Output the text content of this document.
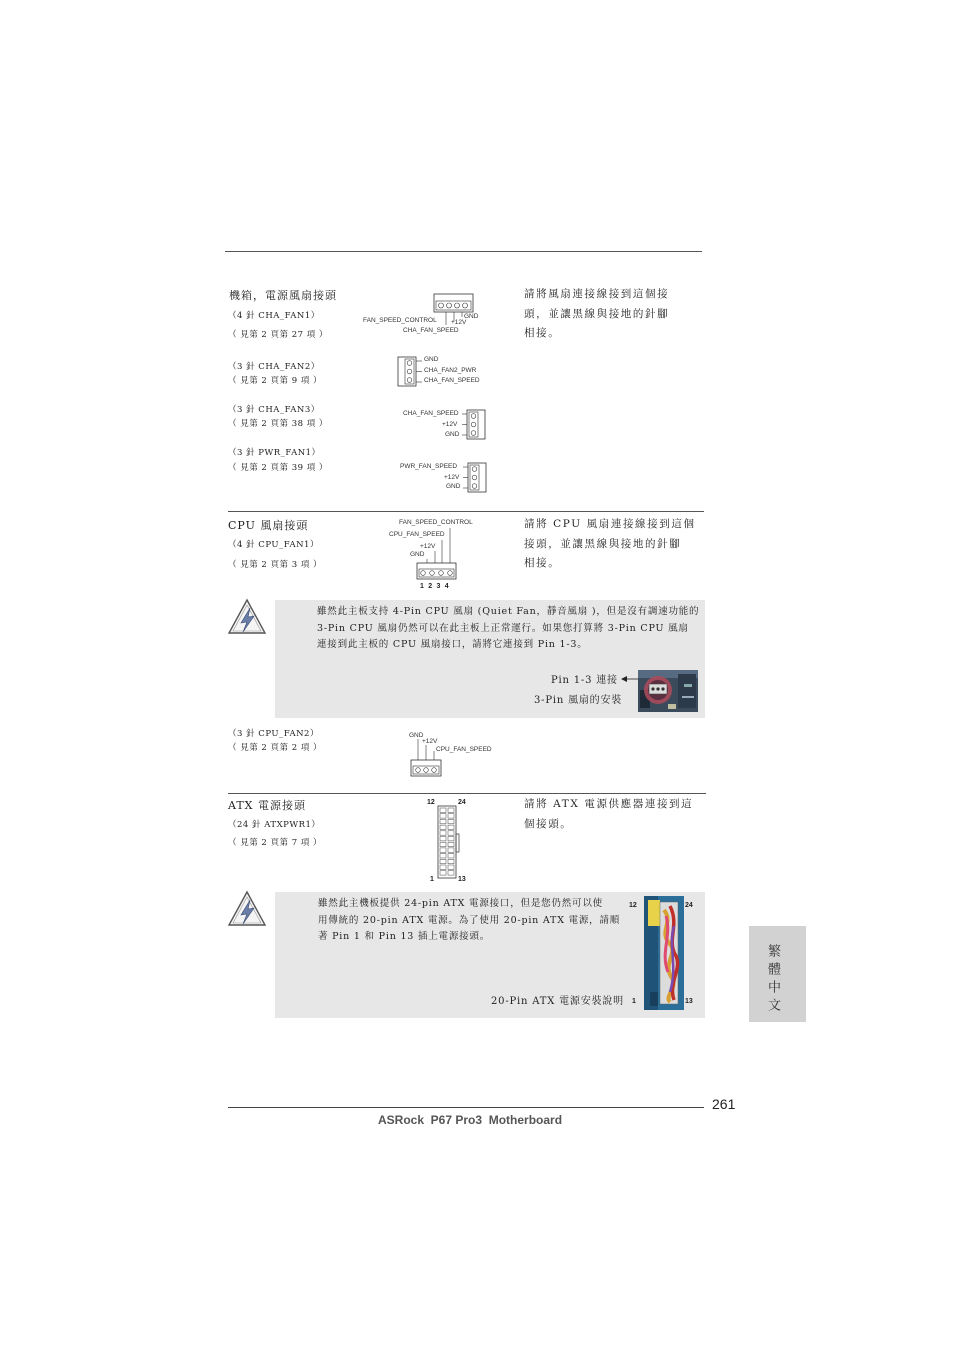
機箱，電源風扇接頭
（4 針 CHA_FAN1）
（ 見第 2 頁第 27 項 ）
（3 針 CHA_FAN2）
（ 見第 2 頁第 9 項 ）
（3 針 CHA_FAN3）
（ 見第 2 頁第 38 項 ）
（3 針 PWR_FAN1）
（ 見第 2 頁第 39 項 ）
請將風扇連接線接到這個接
頭，並讓黑線與接地的針腳
相接。
FAN_SPEED_CONTROL +12V
GND
CHA_FAN_SPEED
GND
CHA_FAN2_PWR
CHA_FAN_SPEED
CHA_FAN_SPEED
+12V
GND
PWR_FAN_SPEED
+12V
GND
CPU 風扇接頭
（4 針 CPU_FAN1）
（ 見第 2 頁第 3 項 ）
請將 CPU 風扇連接線接到這個
接頭，並讓黑線與接地的針腳
相接。
FAN_SPEED_CONTROL
CPU_FAN_SPEED
+12V
GND
1 2 3 4
雖然此主板支持 4-Pin CPU 風扇 (Quiet Fan，靜音風扇 )，但是沒有調速功能的
3-Pin CPU 風扇仍然可以在此主板上正常運行。如果您打算將 3-Pin CPU 風扇
連接到此主板的 CPU 風扇接口，請將它連接到 Pin 1-3。
Pin 1-3 連接
3-Pin 風扇的安裝
（3 針 CPU_FAN2）
（ 見第 2 頁第 2 項 ）
GND
+12V
CPU_FAN_SPEED
ATX 電源接頭
（24 針 ATXPWR1）
（ 見第 2 頁第 7 項 ）
請將 ATX 電源供應器連接到這
個接頭。
12	24
1	13
雖然此主機板提供 24-pin ATX 電源接口，但是您仍然可以使
用傳統的 20-pin ATX 電源。為了使用 20-pin ATX 電源，請順
著 Pin 1 和 Pin 13 插上電源接頭。
20-Pin ATX 電源安裝說明
12	24
1	13	繁體中文
261
ASRock  P67 Pro3  Motherboard
